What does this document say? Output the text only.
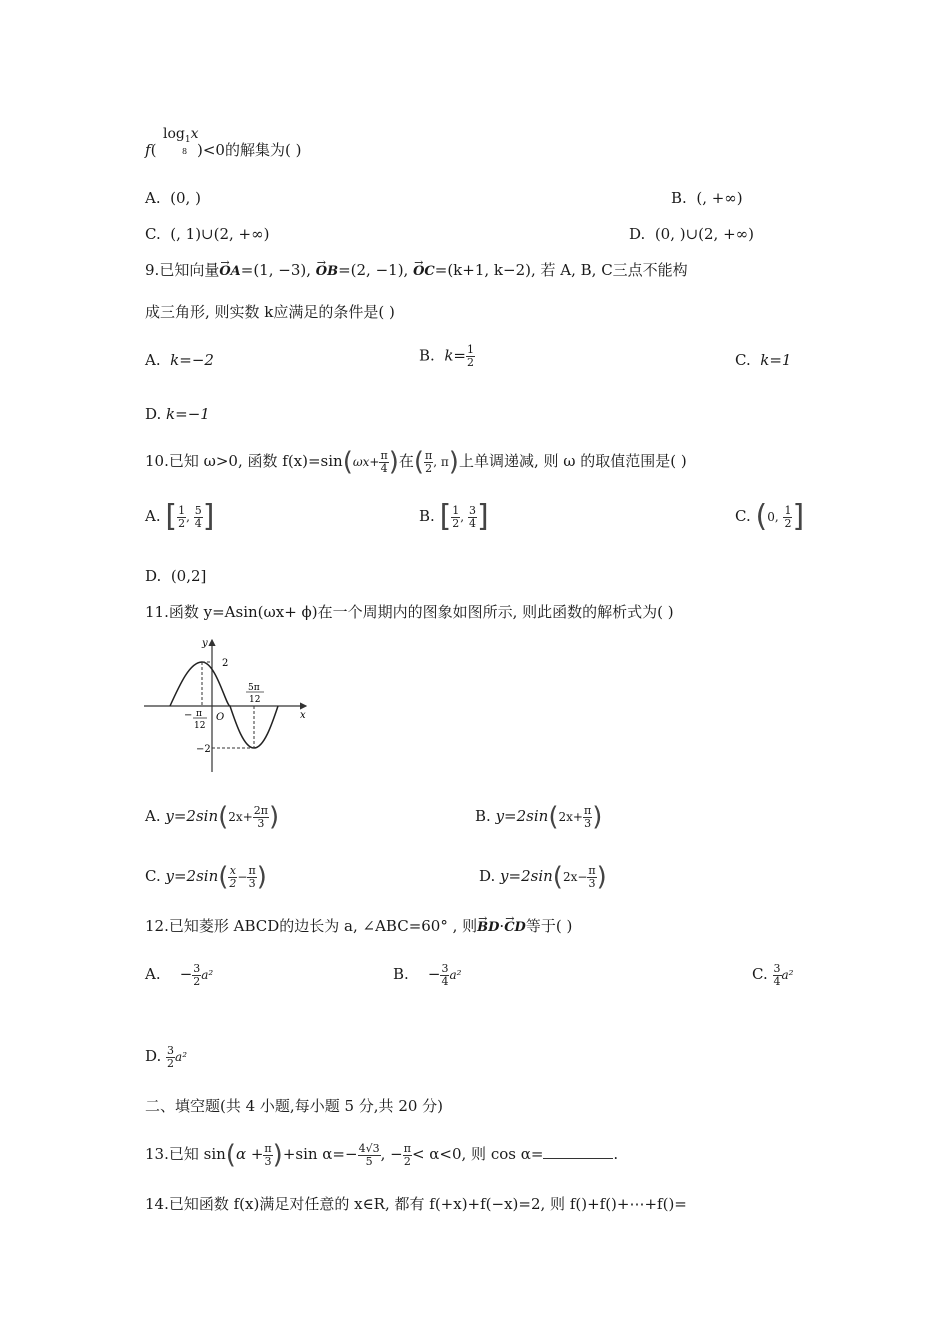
$\log_1x$
8
f(	)<0的解集为( )
A. (0, )	B. (, +∞)
C. (, 1)∪(2, +∞)	D. (0, )∪(2, +∞)
9.已知向量→ OA=(1, −3), → OB=(2, −1), → OC=(k+1, k−2), 若 A, B, C三点不能构
成三角形, 则实数 k应满足的条件是( )
A. k=−2	B. $k= \frac{1}{2}$	C. k=1
D. k=−1
10.已知 ω>0, 函数 $f(x)=\sin(\omega x+ \frac{\pi}{4}$ )在( $\frac{\pi}{2}$ , π)上单调递减, 则 ω 的取值范围是( )
A. [ $\frac{1}{2}$ , $\frac{5}{4}$ ]	B. [ $\frac{1}{2}$ , $\frac{3}{4}$ ]	C. (0, $\frac{1}{2}$ ]
D. (0,2]
11.函数 y=Asin(ωx+ ϕ)在一个周期内的图象如图所示, 则此函数的解析式为( )
y
x
O
2
−2
− π
12
5π
12
A. $y=2\sin(2x+ \frac{2\pi}{3}$ )	B. $y=2\sin(2x+ \frac{\pi}{3}$ )
C. $y=2\sin( \frac{x}{2} - \frac{\pi}{3}$ )	D. $y=2\sin(2x- \frac{\pi}{3}$ )
12.已知菱形 ABCD的边长为 a, ∠ABC=60° , 则→ BD·→ CD等于( )
A. − $\frac{3}{2} a^2$	B. − $\frac{3}{4} a^2$	C. $\frac{3}{4} a^2$
D. $\frac{3}{2} a^2$
二、填空题(共 4 小题,每小题 5 分,共 20 分)
13.已知 $\sin(\alpha + \frac{\pi}{3} )+\sin$ $\alpha=- \frac{4√3}{5}$ , − $\frac{\pi}{2} < \alpha<0$, 则 cos α=	.
14.已知函数 f(x)满足对任意的 x∈R, 都有 f(+x)+f(−x)=2, 则 f()+f()+⋯+f()=
